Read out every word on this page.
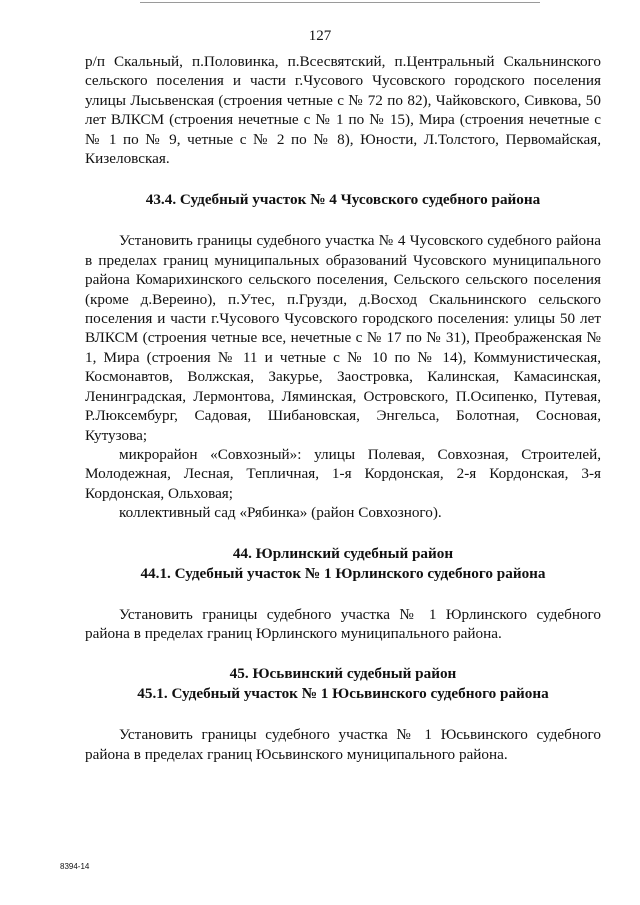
127

р/п Скальный, п.Половинка, п.Всесвятский, п.Центральный Скальнинского сельского поселения и части г.Чусового Чусовского городского поселения улицы Лысьвенская (строения четные с № 72 по 82), Чайковского, Сивкова, 50 лет ВЛКСМ (строения нечетные с № 1 по № 15), Мира (строения нечетные с № 1 по № 9, четные с № 2 по № 8), Юности, Л.Толстого, Первомайская, Кизеловская.

43.4. Судебный участок № 4 Чусовского судебного района

Установить границы судебного участка № 4 Чусовского судебного района в пределах границ муниципальных образований Чусовского муниципального района Комарихинского сельского поселения, Сельского сельского поселения (кроме д.Вереино), п.Утес, п.Грузди, д.Восход Скальнинского сельского поселения и части г.Чусового Чусовского городского поселения: улицы 50 лет ВЛКСМ (строения четные все, нечетные с № 17 по № 31), Преображенская № 1, Мира (строения № 11 и четные с № 10 по № 14), Коммунистическая, Космонавтов, Волжская, Закурье, Заостровка, Калинская, Камасинская, Ленинградская, Лермонтова, Ляминская, Островского, П.Осипенко, Путевая, Р.Люксембург, Садовая, Шибановская, Энгельса, Болотная, Сосновая, Кутузова;

микрорайон «Совхозный»: улицы Полевая, Совхозная, Строителей, Молодежная, Лесная, Тепличная, 1-я Кордонская, 2-я Кордонская, 3-я Кордонская, Ольховая;

коллективный сад «Рябинка» (район Совхозного).

44. Юрлинский судебный район

44.1. Судебный участок № 1 Юрлинского судебного района

Установить границы судебного участка № 1 Юрлинского судебного района в пределах границ Юрлинского муниципального района.

45. Юсьвинский судебный район

45.1. Судебный участок № 1 Юсьвинского судебного района

Установить границы судебного участка № 1 Юсьвинского судебного района в пределах границ Юсьвинского муниципального района.

8394-14
